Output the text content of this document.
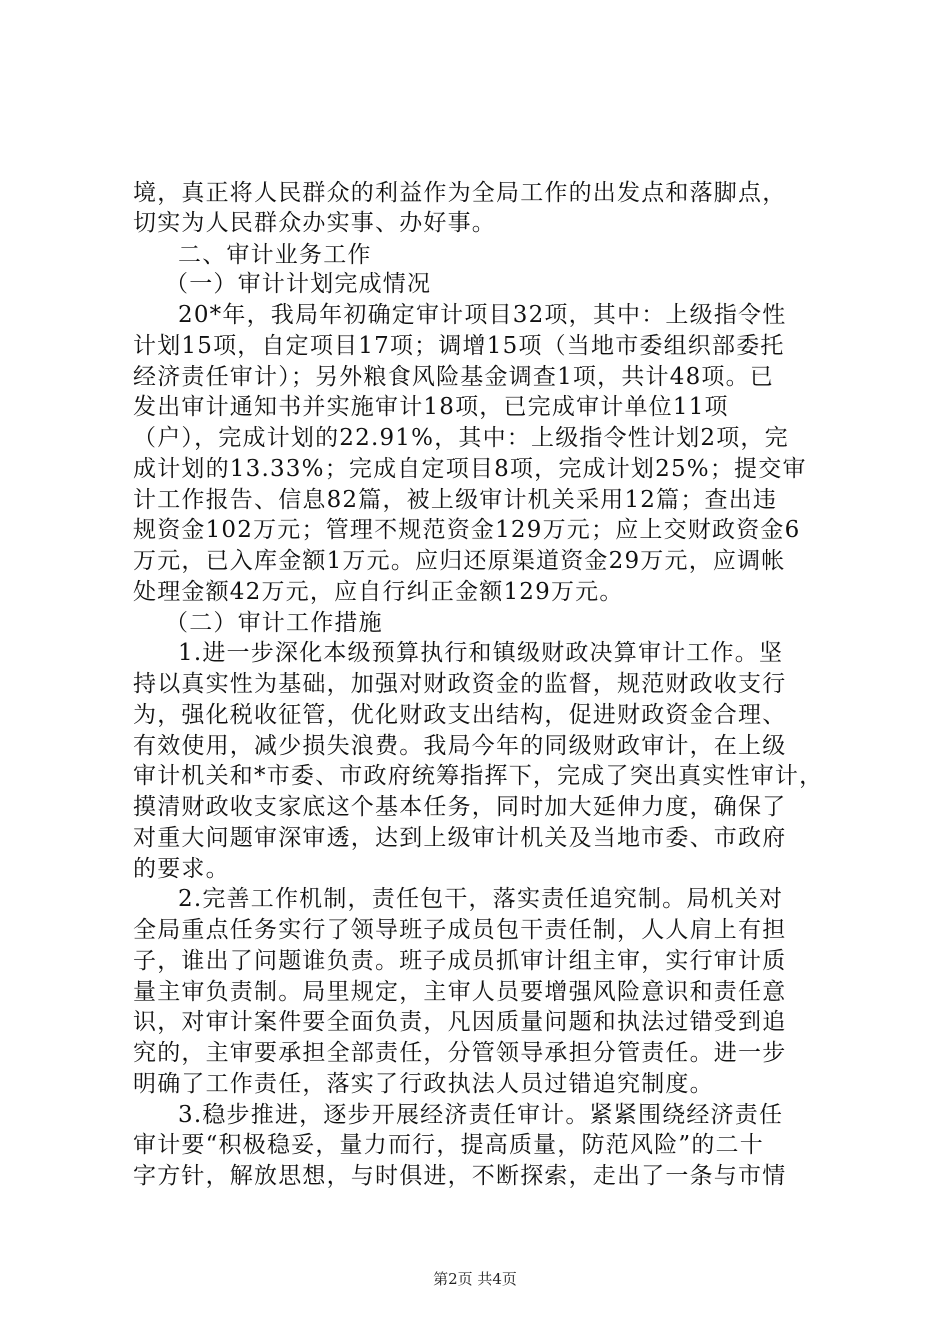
境，真正将人民群众的利益作为全局工作的出发点和落脚点，
切实为人民群众办实事、办好事。
二、审计业务工作
（一）审计计划完成情况
20*年，我局年初确定审计项目32项，其中：上级指令性
计划15项，自定项目17项；调增15项（当地市委组织部委托
经济责任审计）；另外粮食风险基金调查1项，共计48项。已
发出审计通知书并实施审计18项，已完成审计单位11项
（户），完成计划的22.91%，其中：上级指令性计划2项，完
成计划的13.33%；完成自定项目8项，完成计划25%；提交审
计工作报告、信息82篇，被上级审计机关采用12篇；查出违
规资金102万元；管理不规范资金129万元；应上交财政资金6
万元，已入库金额1万元。应归还原渠道资金29万元，应调帐
处理金额42万元，应自行纠正金额129万元。
（二）审计工作措施
1.进一步深化本级预算执行和镇级财政决算审计工作。坚
持以真实性为基础，加强对财政资金的监督，规范财政收支行
为，强化税收征管，优化财政支出结构，促进财政资金合理、
有效使用，减少损失浪费。我局今年的同级财政审计，在上级
审计机关和*市委、市政府统筹指挥下，完成了突出真实性审计，
摸清财政收支家底这个基本任务，同时加大延伸力度，确保了
对重大问题审深审透，达到上级审计机关及当地市委、市政府
的要求。
2.完善工作机制，责任包干，落实责任追究制。局机关对
全局重点任务实行了领导班子成员包干责任制，人人肩上有担
子，谁出了问题谁负责。班子成员抓审计组主审，实行审计质
量主审负责制。局里规定，主审人员要增强风险意识和责任意
识，对审计案件要全面负责，凡因质量问题和执法过错受到追
究的，主审要承担全部责任，分管领导承担分管责任。进一步
明确了工作责任，落实了行政执法人员过错追究制度。
3.稳步推进，逐步开展经济责任审计。紧紧围绕经济责任
审计要“积极稳妥，量力而行，提高质量，防范风险”的二十
字方针，解放思想，与时俱进，不断探索，走出了一条与市情
第2页 共4页
